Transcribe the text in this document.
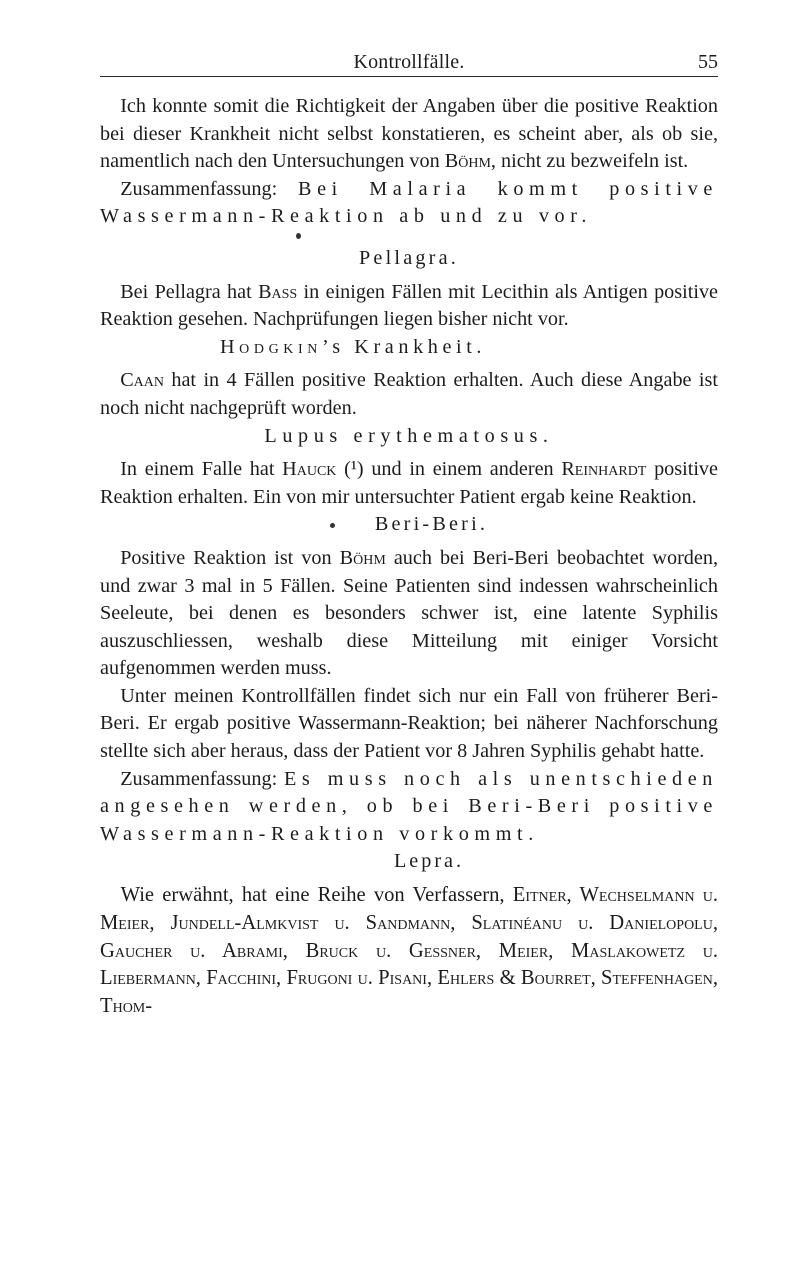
Kontrollfälle.	55

 Ich konnte somit die Richtigkeit der Angaben über die positive Reaktion bei dieser Krankheit nicht selbst konstatieren, es scheint aber, als ob sie, namentlich nach den Untersuchungen von Böhm, nicht zu bezweifeln ist.

 Zusammenfassung: Bei Malaria kommt positive Wassermann-Reaktion ab und zu vor.

Pellagra.

 Bei Pellagra hat Bass in einigen Fällen mit Lecithin als Antigen positive Reaktion gesehen. Nachprüfungen liegen bisher nicht vor.

Hodgkin’s Krankheit.

 Caan hat in 4 Fällen positive Reaktion erhalten. Auch diese Angabe ist noch nicht nachgeprüft worden.

Lupus erythematosus.

 In einem Falle hat Hauck (¹) und in einem anderen Reinhardt positive Reaktion erhalten. Ein von mir untersuchter Patient ergab keine Reaktion.

Beri-Beri.

 Positive Reaktion ist von Böhm auch bei Beri-Beri beobachtet worden, und zwar 3 mal in 5 Fällen. Seine Patienten sind indessen wahrscheinlich Seeleute, bei denen es besonders schwer ist, eine latente Syphilis auszuschliessen, weshalb diese Mitteilung mit einiger Vorsicht aufgenommen werden muss.

 Unter meinen Kontrollfällen findet sich nur ein Fall von früherer Beri-Beri. Er ergab positive Wassermann-Reaktion; bei näherer Nachforschung stellte sich aber heraus, dass der Patient vor 8 Jahren Syphilis gehabt hatte.

 Zusammenfassung: Es muss noch als unentschieden angesehen werden, ob bei Beri-Beri positive Wassermann-Reaktion vorkommt.

Lepra.

 Wie erwähnt, hat eine Reihe von Verfassern, Eitner, Wechselmann u. Meier, Jundell-Almkvist u. Sandmann, Slatinéanu u. Danielopolu, Gaucher u. Abrami, Bruck u. Gessner, Meier, Maslakowetz u. Liebermann, Facchini, Frugoni u. Pisani, Ehlers & Bourret, Steffenhagen, Thom-
